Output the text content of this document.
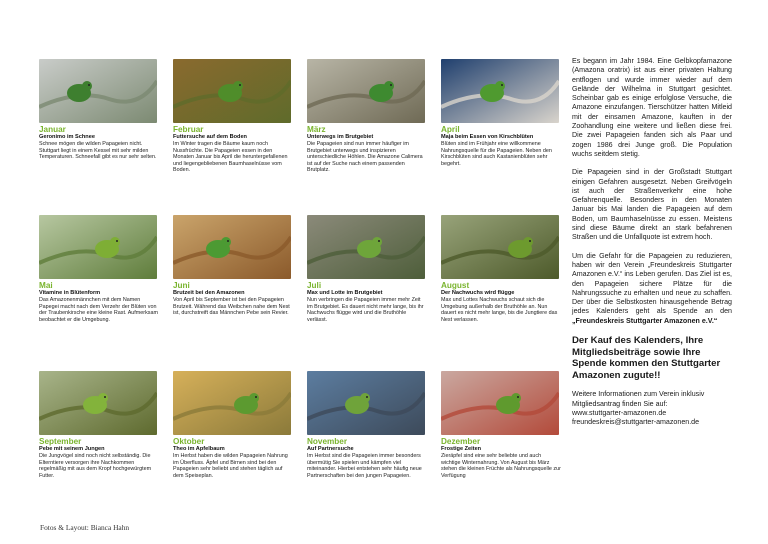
Januar
Geronimo im Schnee
Schnee mögen die wilden Papageien nicht. Stuttgart liegt in einem Kessel mit sehr milden Temperaturen. Schneefall gibt es nur sehr selten.
Februar
Futtersuche auf dem Boden
Im Winter tragen die Bäume kaum noch Nussfrüchte. Die Papageien essen in den Monaten Januar bis April die heruntergefallenen und liegengebliebenen Baumhaselnüsse vom Boden.
März
Unterwegs im Brutgebiet
Die Papageien sind nun immer häufiger im Brutgebiet unterwegs und inspizieren unterschiedliche Höhlen. Die Amazone Calimera ist auf der Suche nach einem passenden Brutplatz.
April
Maja beim Essen von Kirschblüten
Blüten sind im Frühjahr eine willkommene Nahrungsquelle für die Papageien. Neben den Kirschblüten sind auch Kastanienblüten sehr begehrt.
Mai
Vitamine in Blütenform
Das Amazonenmännchen mit dem Namen Papegei macht nach dem Verzehr der Blüten von der Traubenkirsche eine kleine Rast. Aufmerksam beobachtet er die Umgebung.
Juni
Brutzeit bei den Amazonen
Von April bis September ist bei den Papageien Brutzeit. Während das Weibchen nahe dem Nest ist, durchstreift das Männchen Pebe sein Revier.
Juli
Max und Lotte im Brutgebiet
Nun verbringen die Papageien immer mehr Zeit im Brutgebiet. Es dauert nicht mehr lange, bis ihr Nachwuchs flügge wird und die Bruthöhle verlässt.
August
Der Nachwuchs wird flügge
Max und Lottes Nachwuchs schaut sich die Umgebung außerhalb der Bruthöhle an. Nun dauert es nicht mehr lange, bis die Jungtiere das Nest verlassen.
September
Pebe mit seinem Jungen
Die Jungvögel sind noch nicht selbständig. Die Elterntiere versorgen ihre Nachkommen regelmäßig mit aus dem Kropf hochgewürgtem Futter.
Oktober
Theo im Apfelbaum
Im Herbst haben die wilden Papageien Nahrung im Überfluss. Äpfel und Birnen sind bei den Papageien sehr beliebt und stehen täglich auf dem Speiseplan.
November
Auf Partnersuche
Im Herbst sind die Papageien immer besonders übermütig Sie spielen und kämpfen viel miteinander. Hierbei entstehen sehr häufig neue Partnerschaften bei den jungen Papageien.
Dezember
Frostige Zeiten
Zieräpfel sind eine sehr beliebte und auch wichtige Winternahrung. Von August bis März stehen die kleinen Früchte als Nahrungsquelle zur Verfügung

Es begann im Jahr 1984. Eine Gelbkopfamazone (Amazona oratrix) ist aus einer privaten Haltung entflogen und wurde immer wieder auf dem Gelände der Wilhelma in Stuttgart gesichtet. Scheinbar gab es einige erfolglose Versuche, die Amazone einzufangen. Tierschützer hatten Mitleid mit der einsamen Amazone, kauften in der Zoohandlung eine weitere und ließen diese frei. Die zwei Papageien fanden sich als Paar und zogen 1986 drei Junge groß. Die Population wuchs seitdem stetig.

Die Papageien sind in der Großstadt Stuttgart einigen Gefahren ausgesetzt. Neben Greifvögeln ist auch der Straßenverkehr eine hohe Gefahrenquelle. Besonders in den Monaten Januar bis Mai landen die Papageien auf dem Boden, um Baumhaselnüsse zu essen. Meistens sind diese Bäume direkt an stark befahrenen Straßen und die Unfallquote ist extrem hoch.

Um die Gefahr für die Papageien zu reduzieren, haben wir den Verein „Freundeskreis Stuttgarter Amazonen e.V.“ ins Leben gerufen. Das Ziel ist es, den Papageien sichere Plätze für die Nahrungssuche zu erhalten und neue zu schaffen. Der über die Selbstkosten hinausgehende Betrag jedes Kalenders geht als Spende an den „Freundeskreis Stuttgarter Amazonen e.V.“

Der Kauf des Kalenders, Ihre Mitgliedsbeiträge sowie Ihre Spende kommen den Stuttgarter Amazonen zugute!!

Weitere Informationen zum Verein inklusiv Mitgliedsantrag finden Sie auf:
www.stuttgarter-amazonen.de
freundeskreis@stuttgarter-amazonen.de

Fotos & Layout: Bianca Hahn
